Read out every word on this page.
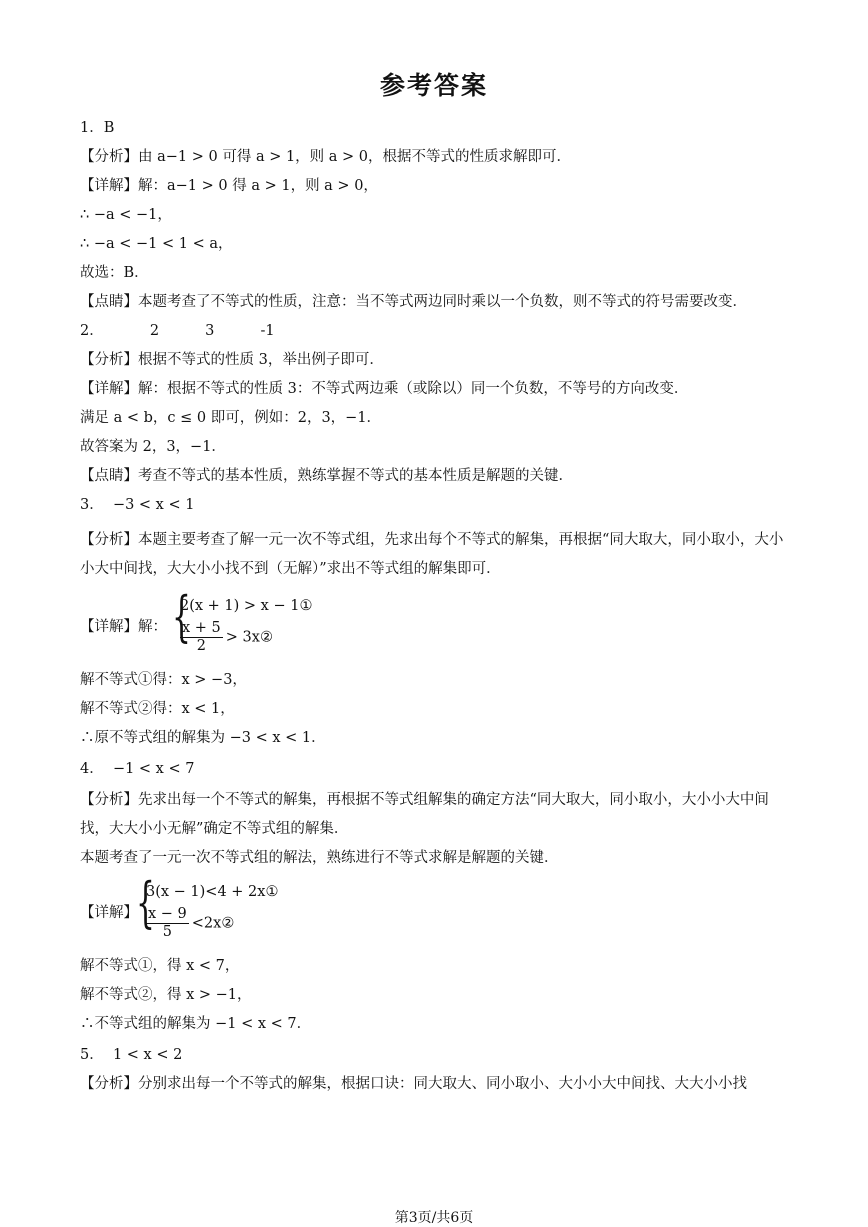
参考答案
1．B
【分析】由 a−1 > 0 可得 a > 1，则 a > 0，根据不等式的性质求解即可．
【详解】解：a−1 > 0 得 a > 1，则 a > 0，
∴ −a < −1，
∴ −a < −1 < 1 < a，
故选：B．
【点睛】本题考查了不等式的性质，注意：当不等式两边同时乘以一个负数，则不等式的符号需要改变．
2．          2          3          -1
【分析】根据不等式的性质 3，举出例子即可．
【详解】解：根据不等式的性质 3：不等式两边乘（或除以）同一个负数，不等号的方向改变．
满足 a < b，c ≤ 0 即可，例如：2，3，−1．
故答案为 2，3，−1．
【点睛】考查不等式的基本性质，熟练掌握不等式的基本性质是解题的关键．
3．  −3 < x < 1
【分析】本题主要考查了解一元一次不等式组，先求出每个不等式的解集，再根据“同大取大，同小取小，大小小大中间找，大大小小找不到（无解）”求出不等式组的解集即可．
【详解】解： {
2(x + 1) > x − 1①
$\frac{x + 5}{2}$ > 3x②
解不等式①得：x > −3，
解不等式②得：x < 1，
∴原不等式组的解集为 −3 < x < 1．
4．  −1 < x < 7
【分析】先求出每一个不等式的解集，再根据不等式组解集的确定方法“同大取大，同小取小，大小小大中间找，大大小小无解”确定不等式组的解集．
本题考查了一元一次不等式组的解法，熟练进行不等式求解是解题的关键．
【详解】
{
3(x − 1)<4 + 2x①
$\frac{x - 9}{5}$ <2x②
解不等式①，得 x < 7，
解不等式②，得 x > −1，
∴不等式组的解集为 −1 < x < 7．
5．  1 < x < 2
【分析】分别求出每一个不等式的解集，根据口诀：同大取大、同小取小、大小小大中间找、大大小小找
第3页/共6页
